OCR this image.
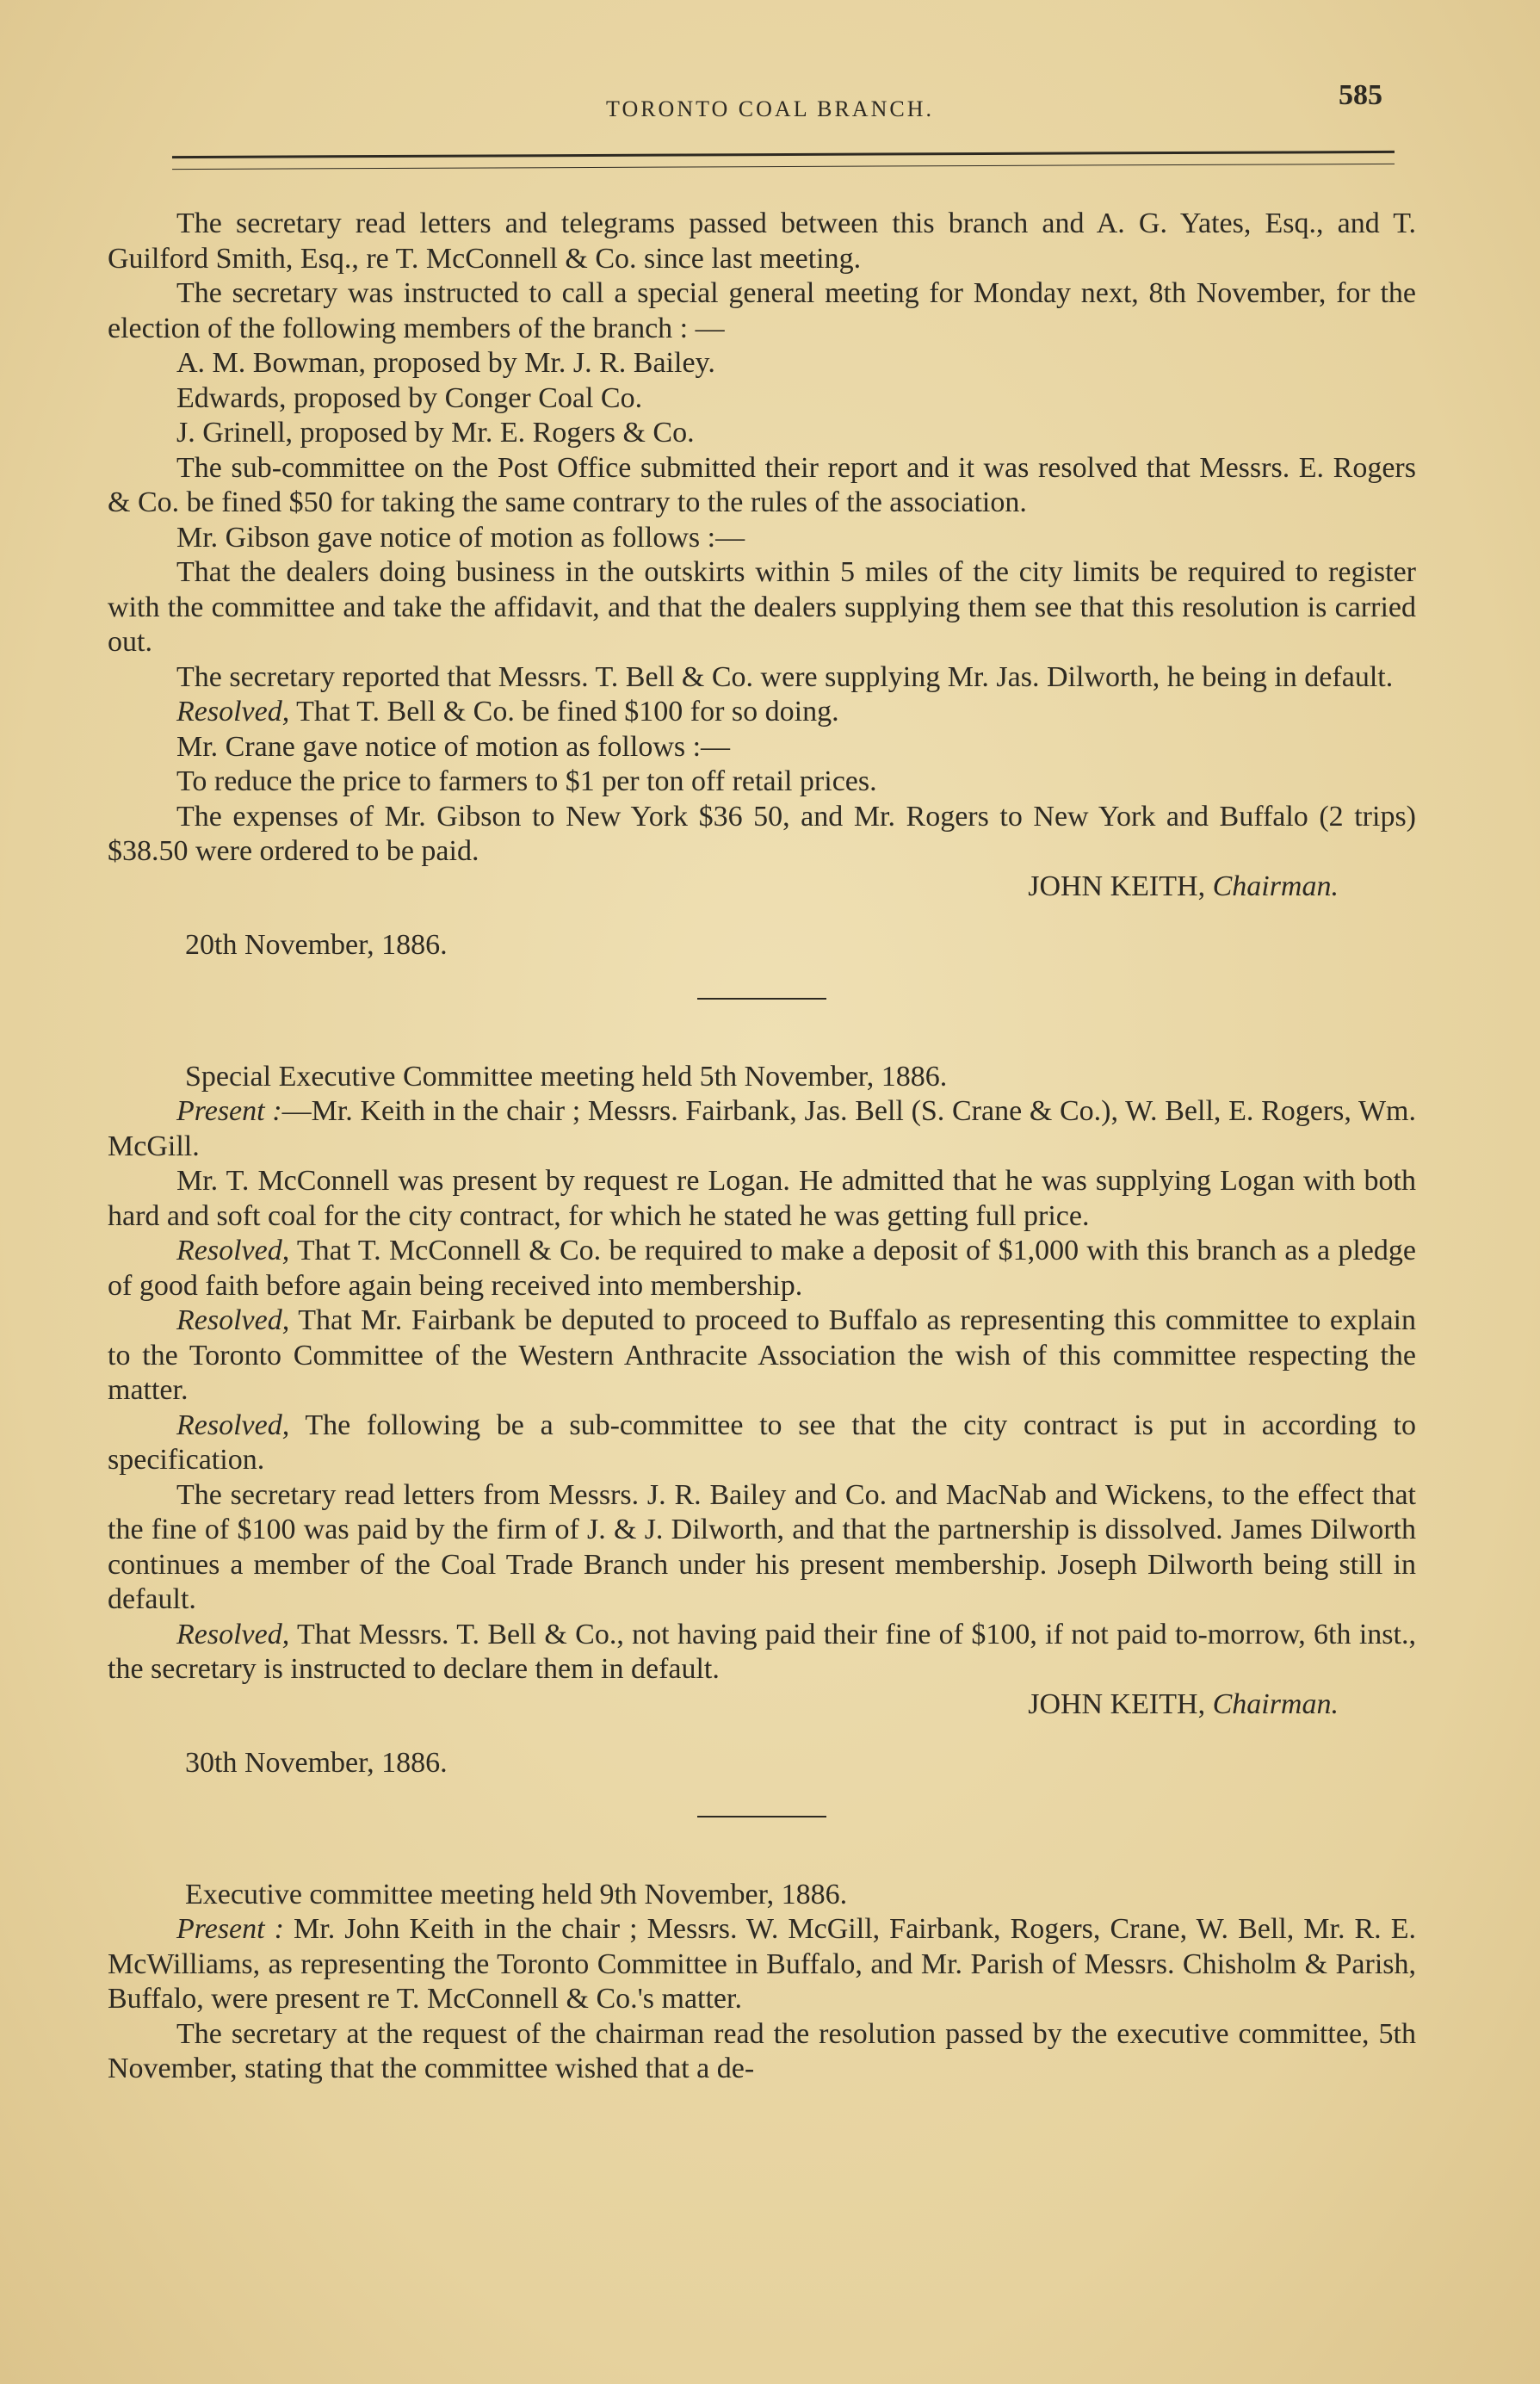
TORONTO COAL BRANCH.	585

The secretary read letters and telegrams passed between this branch and A. G. Yates, Esq., and T. Guilford Smith, Esq., re T. McConnell & Co. since last meeting.

The secretary was instructed to call a special general meeting for Monday next, 8th November, for the election of the following members of the branch : —

A. M. Bowman, proposed by Mr. J. R. Bailey.

Edwards, proposed by Conger Coal Co.

J. Grinell, proposed by Mr. E. Rogers & Co.

The sub-committee on the Post Office submitted their report and it was resolved that Messrs. E. Rogers & Co. be fined $50 for taking the same contrary to the rules of the association.

Mr. Gibson gave notice of motion as follows :—

That the dealers doing business in the outskirts within 5 miles of the city limits be required to register with the committee and take the affidavit, and that the dealers supplying them see that this resolution is carried out.

The secretary reported that Messrs. T. Bell & Co. were supplying Mr. Jas. Dilworth, he being in default.

Resolved, That T. Bell & Co. be fined $100 for so doing.

Mr. Crane gave notice of motion as follows :—

To reduce the price to farmers to $1 per ton off retail prices.

The expenses of Mr. Gibson to New York $36 50, and Mr. Rogers to New York and Buffalo (2 trips) $38.50 were ordered to be paid.

JOHN KEITH, Chairman.

20th November, 1886.

Special Executive Committee meeting held 5th November, 1886.

Present :—Mr. Keith in the chair ; Messrs. Fairbank, Jas. Bell (S. Crane & Co.), W. Bell, E. Rogers, Wm. McGill.

Mr. T. McConnell was present by request re Logan. He admitted that he was supplying Logan with both hard and soft coal for the city contract, for which he stated he was getting full price.

Resolved, That T. McConnell & Co. be required to make a deposit of $1,000 with this branch as a pledge of good faith before again being received into membership.

Resolved, That Mr. Fairbank be deputed to proceed to Buffalo as representing this committee to explain to the Toronto Committee of the Western Anthracite Association the wish of this committee respecting the matter.

Resolved, The following be a sub-committee to see that the city contract is put in according to specification.

The secretary read letters from Messrs. J. R. Bailey and Co. and MacNab and Wickens, to the effect that the fine of $100 was paid by the firm of J. & J. Dilworth, and that the partnership is dissolved. James Dilworth continues a member of the Coal Trade Branch under his present membership. Joseph Dilworth being still in default.

Resolved, That Messrs. T. Bell & Co., not having paid their fine of $100, if not paid to-morrow, 6th inst., the secretary is instructed to declare them in default.

JOHN KEITH, Chairman.

30th November, 1886.

Executive committee meeting held 9th November, 1886.

Present : Mr. John Keith in the chair ; Messrs. W. McGill, Fairbank, Rogers, Crane, W. Bell, Mr. R. E. McWilliams, as representing the Toronto Committee in Buffalo, and Mr. Parish of Messrs. Chisholm & Parish, Buffalo, were present re T. McConnell & Co.'s matter.

The secretary at the request of the chairman read the resolution passed by the executive committee, 5th November, stating that the committee wished that a de-
